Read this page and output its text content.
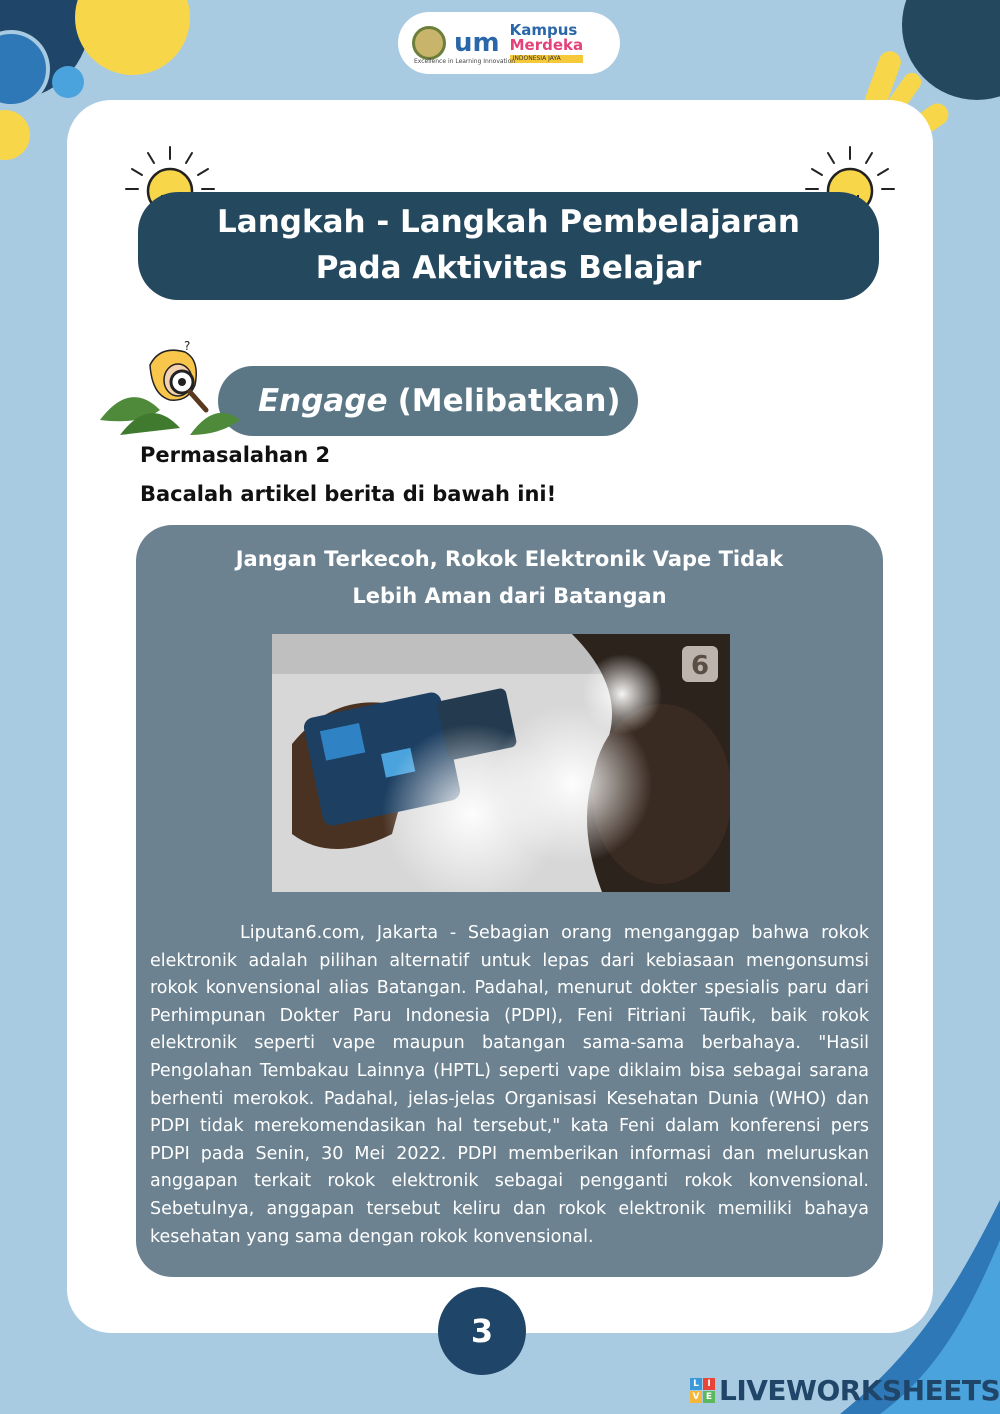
um Kampus
Merdeka
INDONESIA JAYA
Excellence in Learning Innovation
Langkah - Langkah Pembelajaran
Pada Aktivitas Belajar
Engage (Melibatkan)
?
Permasalahan 2
Bacalah artikel berita di bawah ini!
Jangan Terkecoh, Rokok Elektronik Vape Tidak
Lebih Aman dari Batangan
6

Liputan6.com, Jakarta - Sebagian orang menganggap bahwa rokok elektronik adalah pilihan alternatif untuk lepas dari kebiasaan mengonsumsi rokok konvensional alias Batangan. Padahal, menurut dokter spesialis paru dari Perhimpunan Dokter Paru Indonesia (PDPI), Feni Fitriani Taufik, baik rokok elektronik seperti vape maupun batangan sama-sama berbahaya. "Hasil Pengolahan Tembakau Lainnya (HPTL) seperti vape diklaim bisa sebagai sarana berhenti merokok. Padahal, jelas-jelas Organisasi Kesehatan Dunia (WHO) dan PDPI tidak merekomendasikan hal tersebut," kata Feni dalam konferensi pers PDPI pada Senin, 30 Mei 2022. PDPI memberikan informasi dan meluruskan anggapan terkait rokok elektronik sebagai pengganti rokok konvensional. Sebetulnya, anggapan tersebut keliru dan rokok elektronik memiliki bahaya kesehatan yang sama dengan rokok konvensional.

3
L I
V E LIVEWORKSHEETS
